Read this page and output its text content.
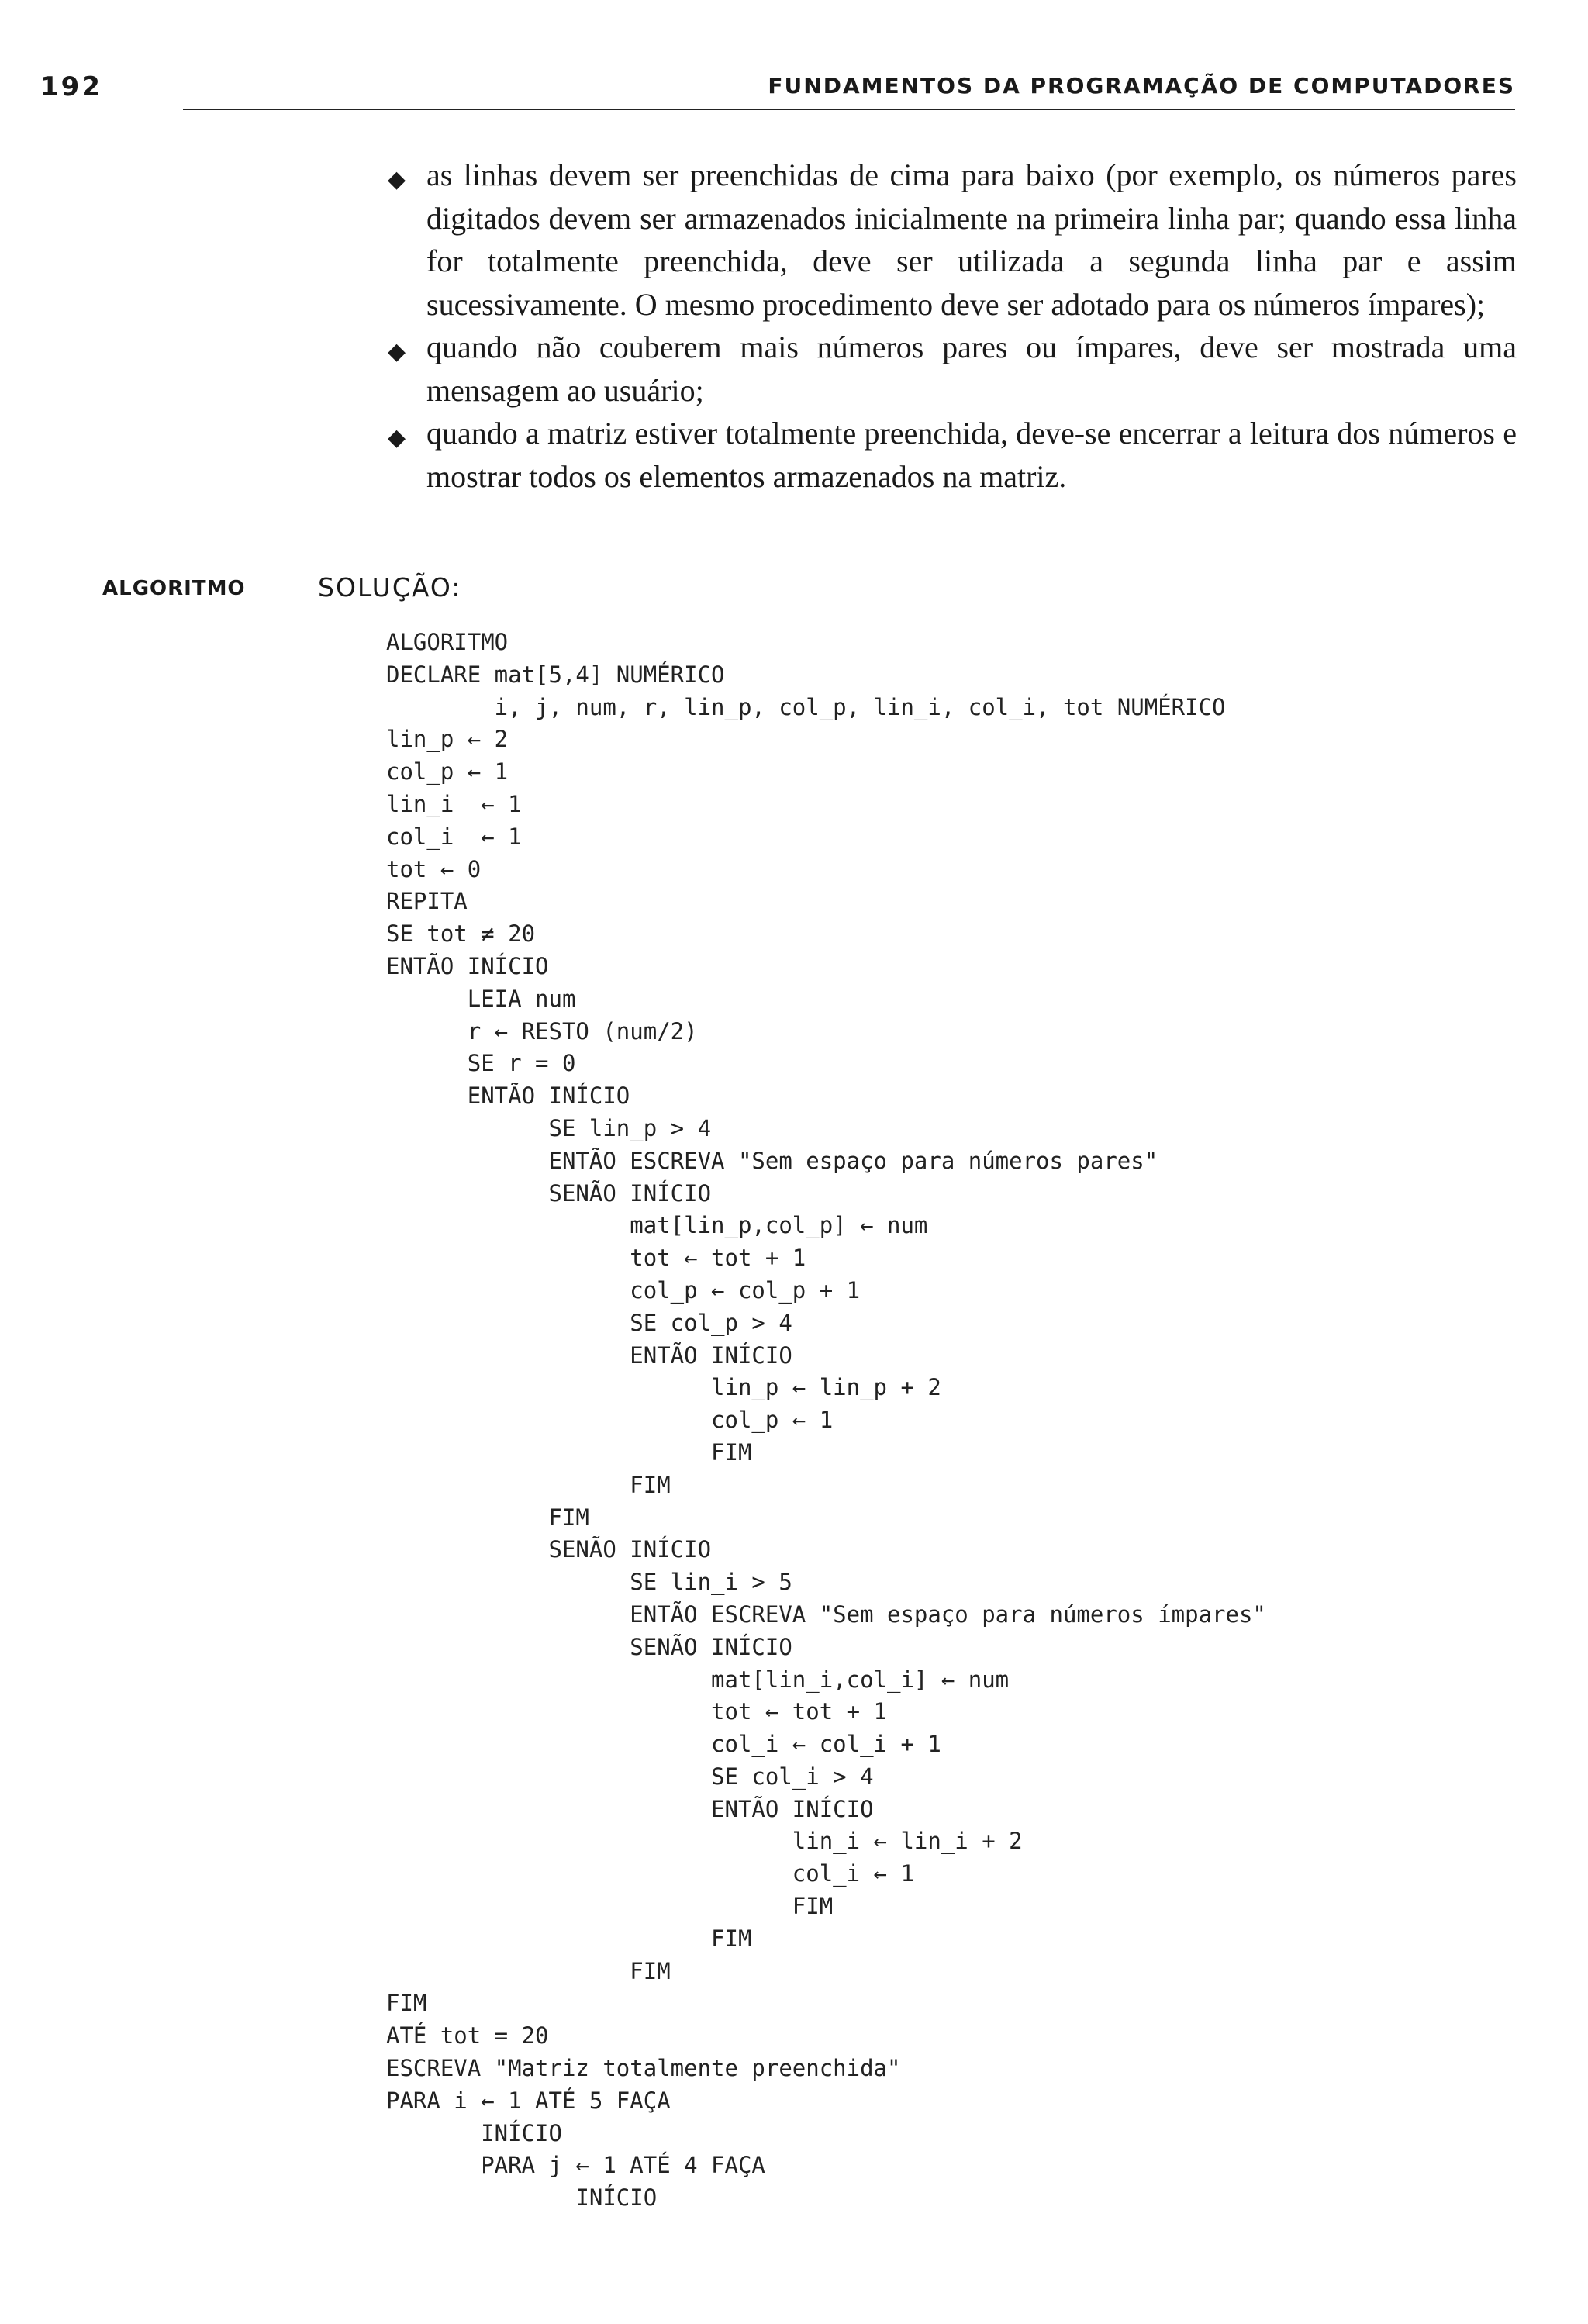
192	FUNDAMENTOS DA PROGRAMAÇÃO DE COMPUTADORES
◆ as linhas devem ser preenchidas de cima para baixo (por exemplo, os números pares digitados devem ser armazenados inicialmente na primeira linha par; quando essa linha for totalmente preenchida, deve ser utilizada a segunda linha par e assim sucessivamente. O mesmo procedimento deve ser adotado para os números ímpares);
◆ quando não couberem mais números pares ou ímpares, deve ser mostrada uma mensagem ao usuário;
◆ quando a matriz estiver totalmente preenchida, deve-se encerrar a leitura dos números e mostrar todos os elementos armazenados na matriz.
ALGORITMO	SOLUÇÃO:
ALGORITMO
DECLARE mat[5,4] NUMÉRICO
i, j, num, r, lin_p, col_p, lin_i, col_i, tot NUMÉRICO
lin_p ← 2
col_p ← 1
lin_i  ← 1
col_i  ← 1
tot ← 0
REPITA
SE tot ≠ 20
ENTÃO INÍCIO
LEIA num
r ← RESTO (num/2)
SE r = 0
ENTÃO INÍCIO
SE lin_p > 4
ENTÃO ESCREVA "Sem espaço para números pares"
SENÃO INÍCIO
mat[lin_p,col_p] ← num
tot ← tot + 1
col_p ← col_p + 1
SE col_p > 4
ENTÃO INÍCIO
lin_p ← lin_p + 2
col_p ← 1
FIM
FIM
FIM
SENÃO INÍCIO
SE lin_i > 5
ENTÃO ESCREVA "Sem espaço para números ímpares"
SENÃO INÍCIO
mat[lin_i,col_i] ← num
tot ← tot + 1
col_i ← col_i + 1
SE col_i > 4
ENTÃO INÍCIO
lin_i ← lin_i + 2
col_i ← 1
FIM
FIM
FIM
FIM
ATÉ tot = 20
ESCREVA "Matriz totalmente preenchida"
PARA i ← 1 ATÉ 5 FAÇA
INÍCIO
PARA j ← 1 ATÉ 4 FAÇA
INÍCIO
